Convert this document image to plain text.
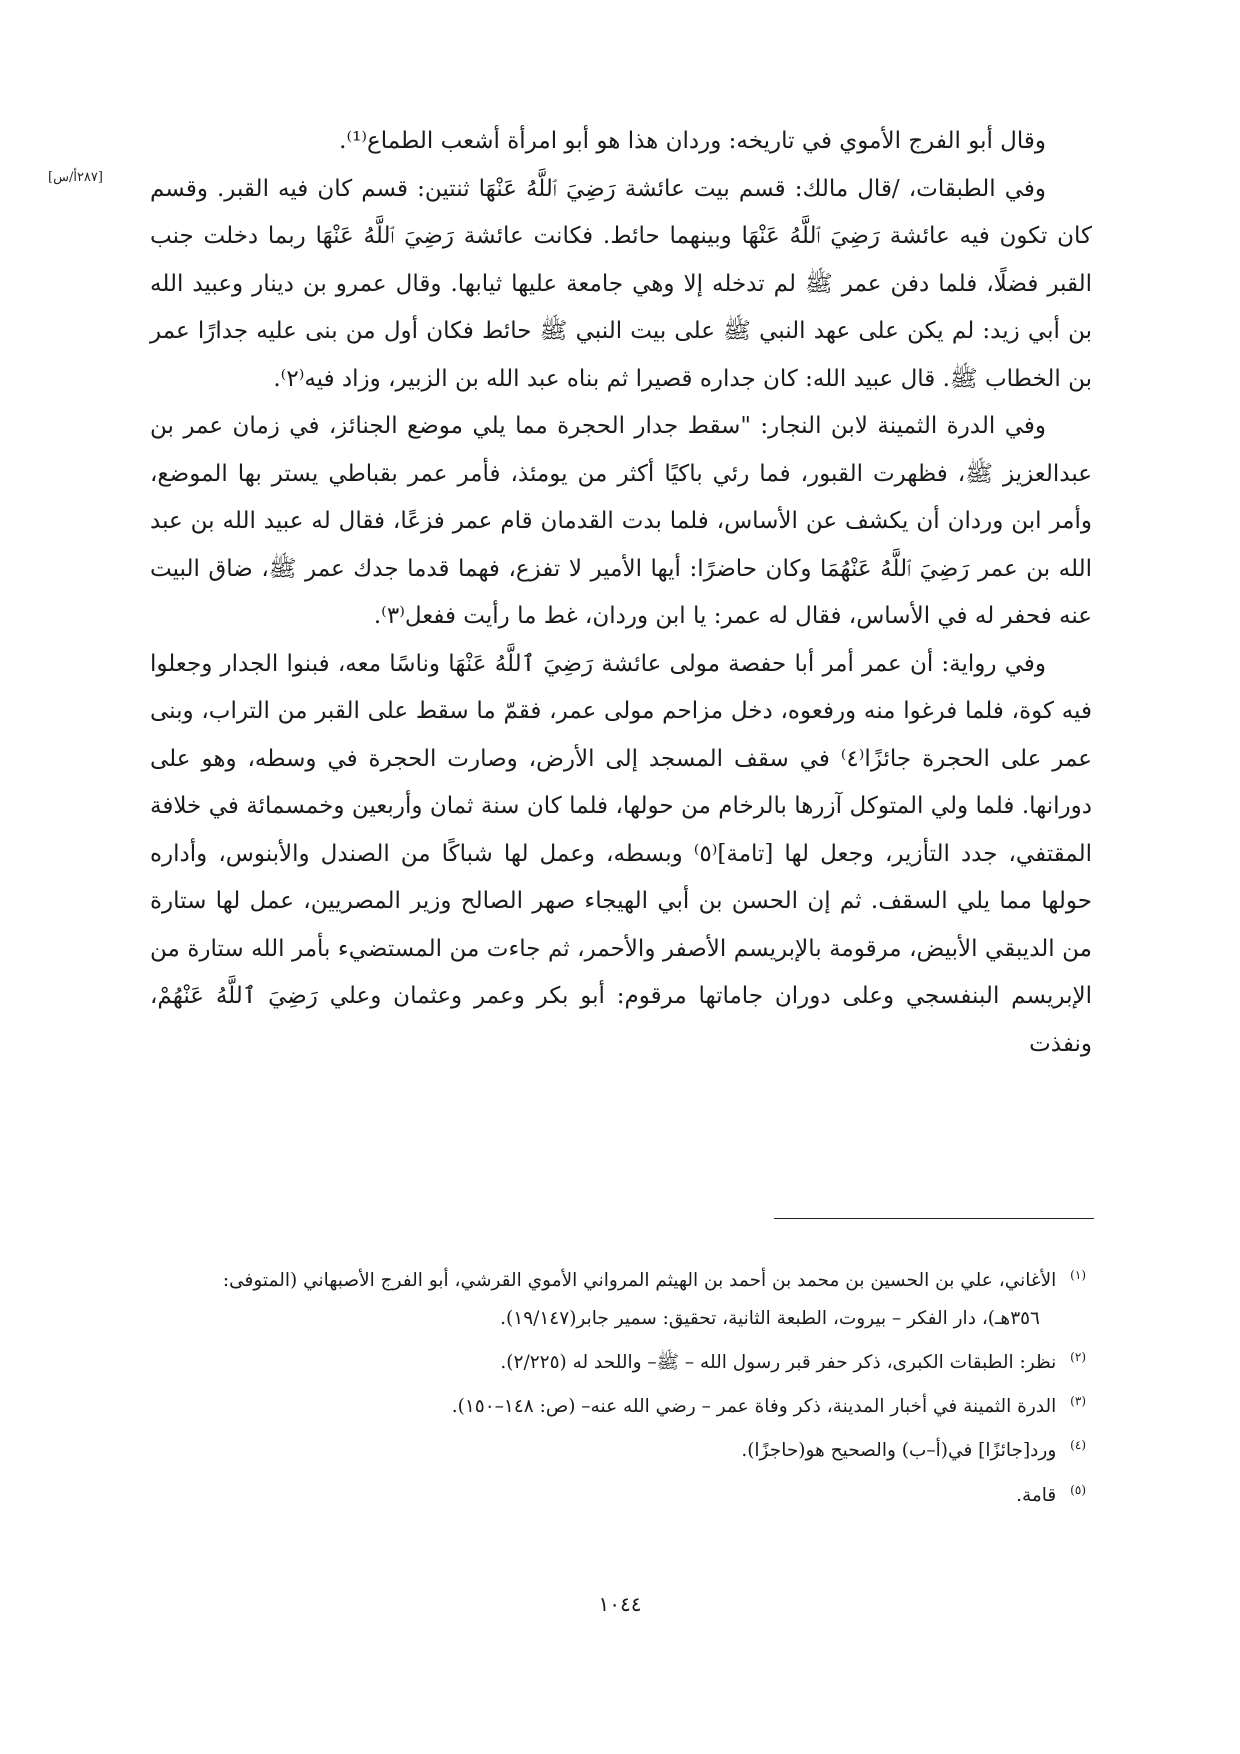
[٢٨٧أ/س]

وقال أبو الفرج الأموي في تاريخه: وردان هذا هو أبو امرأة أشعب الطماع⁽¹⁾.

وفي الطبقات، /قال مالك: قسم بيت عائشة رَضِيَ ٱللَّهُ عَنْهَا ثنتين: قسم كان فيه القبر. وقسم كان تكون فيه عائشة رَضِيَ ٱللَّهُ عَنْهَا وبينهما حائط. فكانت عائشة رَضِيَ ٱللَّهُ عَنْهَا ربما دخلت جنب القبر فضلًا، فلما دفن عمر ﷺ لم تدخله إلا وهي جامعة عليها ثيابها. وقال عمرو بن دينار وعبيد الله بن أبي زيد: لم يكن على عهد النبي ﷺ على بيت النبي ﷺ حائط فكان أول من بنى عليه جدارًا عمر بن الخطاب ﷺ. قال عبيد الله: كان جداره قصيرا ثم بناه عبد الله بن الزبير، وزاد فيه⁽٢⁾.

وفي الدرة الثمينة لابن النجار: "سقط جدار الحجرة مما يلي موضع الجنائز، في زمان عمر بن عبدالعزيز ﷺ، فظهرت القبور، فما رئي باكيًا أكثر من يومئذ، فأمر عمر بقباطي يستر بها الموضع، وأمر ابن وردان أن يكشف عن الأساس، فلما بدت القدمان قام عمر فزعًا، فقال له عبيد الله بن عبد الله بن عمر رَضِيَ ٱللَّهُ عَنْهُمَا وكان حاضرًا: أيها الأمير لا تفزع، فهما قدما جدك عمر ﷺ، ضاق البيت عنه فحفر له في الأساس، فقال له عمر: يا ابن وردان، غط ما رأيت ففعل⁽٣⁾.

وفي رواية: أن عمر أمر أبا حفصة مولى عائشة رَضِيَ ٱللَّهُ عَنْهَا وناسًا معه، فبنوا الجدار وجعلوا فيه كوة، فلما فرغوا منه ورفعوه، دخل مزاحم مولى عمر، فقمّ ما سقط على القبر من التراب، وبنى عمر على الحجرة جائزًا⁽٤⁾ في سقف المسجد إلى الأرض، وصارت الحجرة في وسطه، وهو على دورانها. فلما ولي المتوكل آزرها بالرخام من حولها، فلما كان سنة ثمان وأربعين وخمسمائة في خلافة المقتفي، جدد التأزير، وجعل لها [تامة]⁽٥⁾ وبسطه، وعمل لها شباكًا من الصندل والأبنوس، وأداره حولها مما يلي السقف. ثم إن الحسن بن أبي الهيجاء صهر الصالح وزير المصريين، عمل لها ستارة من الديبقي الأبيض، مرقومة بالإبريسم الأصفر والأحمر، ثم جاءت من المستضيء بأمر الله ستارة من الإبريسم البنفسجي وعلى دوران جاماتها مرقوم: أبو بكر وعمر وعثمان وعلي رَضِيَ ٱللَّهُ عَنْهُمْ، ونفذت

$^{(١)}$ الأغاني، علي بن الحسين بن محمد بن أحمد بن الهيثم المرواني الأموي القرشي، أبو الفرج الأصبهاني (المتوفى:

٣٥٦هـ)، دار الفكر – بيروت، الطبعة الثانية، تحقيق: سمير جابر(١٩/١٤٧).

$^{(٢)}$ نظر: الطبقات الكبرى، ذكر حفر قبر رسول الله – ﷺ– واللحد له (٢/٢٢٥).

$^{(٣)}$ الدرة الثمينة في أخبار المدينة، ذكر وفاة عمر – رضي الله عنه– (ص: ١٤٨–١٥٠).

$^{(٤)}$ ورد[جائزًا] في(أ–ب) والصحيح هو(حاجزًا).

$^{(٥)}$ قامة.

١٠٤٤
